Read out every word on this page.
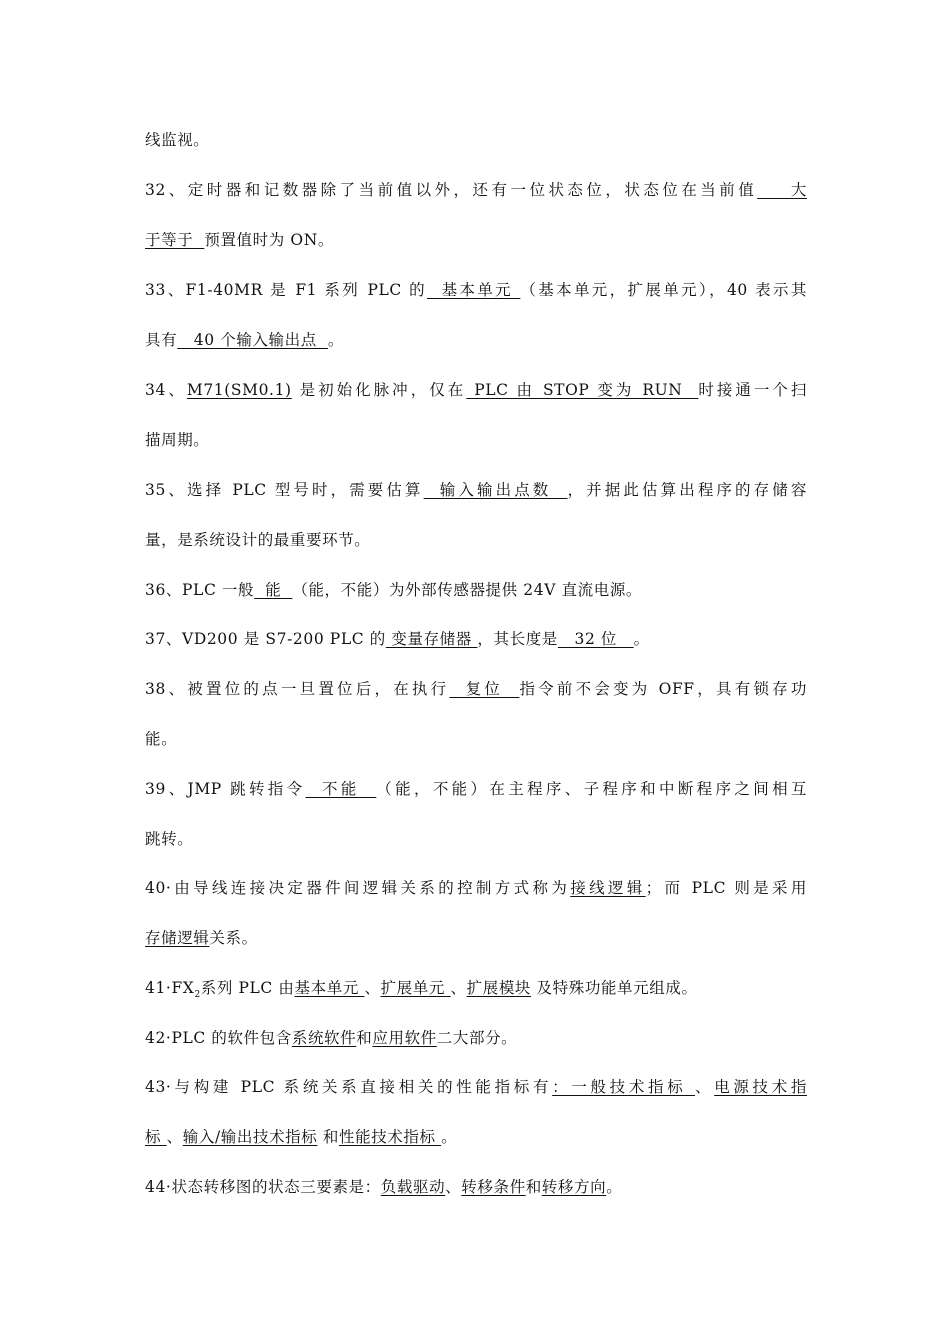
线监视。
32、定时器和记数器除了当前值以外，还有一位状态位，状态位在当前值    大
于等于  预置值时为 ON。
33、F1-40MR 是 F1 系列 PLC 的  基本单元 （基本单元，扩展单元），40 表示其
具有   40 个输入输出点  。
34、M71(SM0.1) 是初始化脉冲，仅在 PLC 由 STOP 变为 RUN  时接通一个扫
描周期。
35、选择 PLC 型号时，需要估算  输入输出点数  ，并据此估算出程序的存储容
量，是系统设计的最重要环节。
36、PLC 一般  能  （能，不能）为外部传感器提供 24V 直流电源。
37、VD200 是 S7-200 PLC 的 变量存储器 ，其长度是   32 位   。
38、被置位的点一旦置位后，在执行  复位  指令前不会变为 OFF，具有锁存功
能。
39、JMP 跳转指令  不能  （能，不能）在主程序、子程序和中断程序之间相互
跳转。
40·由导线连接决定器件间逻辑关系的控制方式称为接线逻辑；而 PLC 则是采用
存储逻辑关系。
$41\cdot FX_2$系列 PLC 由基本单元 、扩展单元 、扩展模块 及特殊功能单元组成。
42·PLC 的软件包含系统软件和应用软件二大部分。
43·与构建 PLC 系统关系直接相关的性能指标有：一般技术指标 、电源技术指
标 、输入/输出技术指标 和性能技术指标 。
44·状态转移图的状态三要素是：负载驱动、转移条件和转移方向。
